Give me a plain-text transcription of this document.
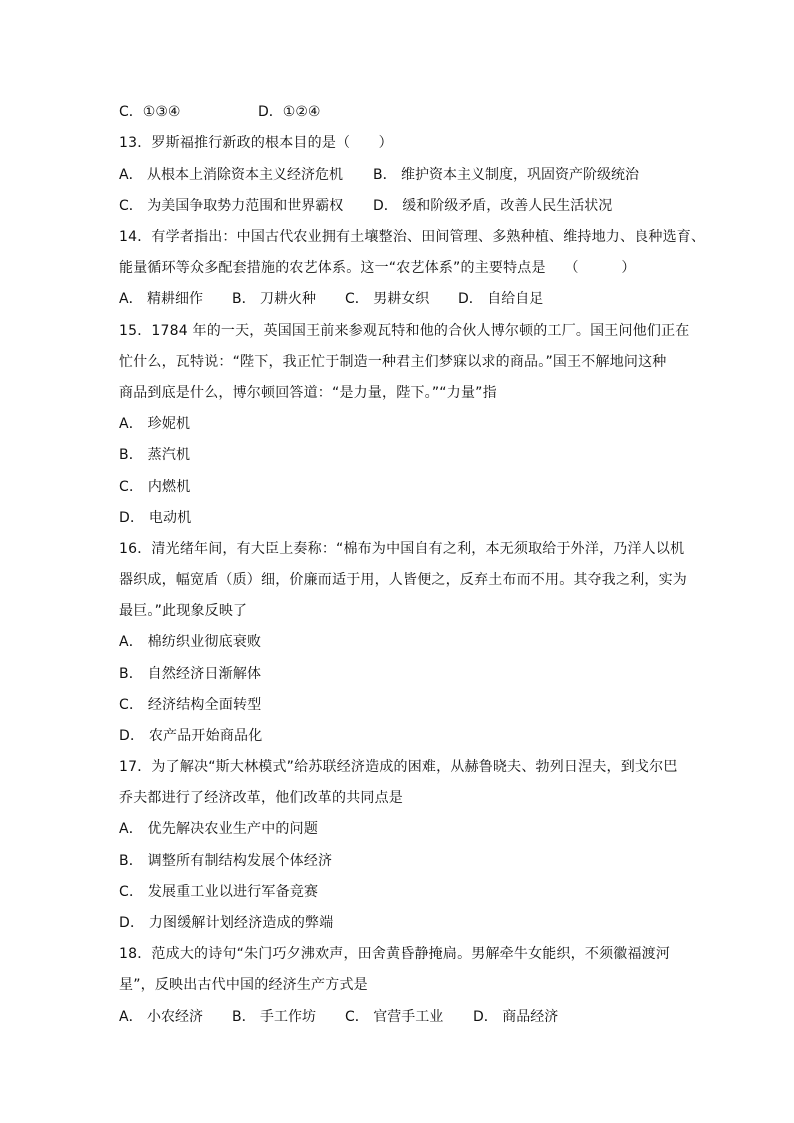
C．①③④	D．①②④
13．罗斯福推行新政的根本目的是（　　）
A． 从根本上消除资本主义经济危机 B． 维护资本主义制度，巩固资产阶级统治
C． 为美国争取势力范围和世界霸权 D． 缓和阶级矛盾，改善人民生活状况
14．有学者指出：中国古代农业拥有土壤整治、田间管理、多熟种植、维持地力、良种选育、
能量循环等众多配套措施的农艺体系。这一“农艺体系”的主要特点是　 （　　　）
A． 精耕细作 B． 刀耕火种 C． 男耕女织 D． 自给自足
15．1784 年的一天，英国国王前来参观瓦特和他的合伙人博尔顿的工厂。国王问他们正在
忙什么，瓦特说：“陛下，我正忙于制造一种君主们梦寐以求的商品。”国王不解地问这种
商品到底是什么，博尔顿回答道：“是力量，陛下。”“力量”指
A． 珍妮机
B． 蒸汽机
C． 内燃机
D． 电动机
16．清光绪年间，有大臣上奏称：“棉布为中国自有之利，本无须取给于外洋，乃洋人以机
器织成，幅宽盾（质）细，价廉而适于用，人皆便之，反弃土布而不用。其夺我之利，实为
最巨。”此现象反映了
A． 棉纺织业彻底衰败
B． 自然经济日渐解体
C． 经济结构全面转型
D． 农产品开始商品化
17．为了解决“斯大林模式”给苏联经济造成的困难，从赫鲁晓夫、勃列日涅夫，到戈尔巴
乔夫都进行了经济改革，他们改革的共同点是
A． 优先解决农业生产中的问题
B． 调整所有制结构发展个体经济
C． 发展重工业以进行军备竞赛
D． 力图缓解计划经济造成的弊端
18．范成大的诗句“朱门巧夕沸欢声，田舍黄昏静掩扃。男解牵牛女能织，不须徽福渡河
星”，反映出古代中国的经济生产方式是
A． 小农经济 B． 手工作坊 C． 官营手工业 D． 商品经济
